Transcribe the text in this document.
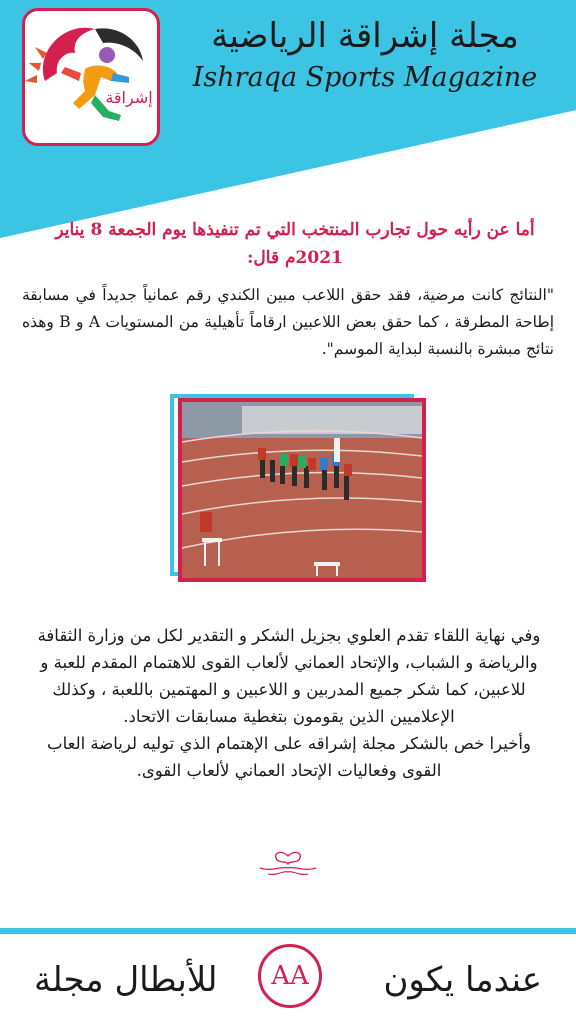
إشراقة
مجلة إشراقة الرياضية
Ishraqa Sports Magazine
أما عن رأيه حول تجارب المنتخب التي تم تنفيذها يوم الجمعة 8 يناير 2021م قال:
"النتائج كانت مرضية، فقد حقق اللاعب مبين الكندي رقم عمانياً جديداً في مسابقة إطاحة المطرقة ، كما حقق بعض اللاعبين ارقاماً تأهيلية من المستويات A و B وهذه نتائج مبشرة بالنسبة لبداية الموسم".
وفي نهاية اللقاء تقدم العلوي بجزيل الشكر و التقدير لكل من وزارة الثقافة والرياضة و الشباب، والإتحاد العماني لألعاب القوى للاهتمام المقدم للعبة و للاعبين، كما شكر جميع المدربين و اللاعبين و المهتمين باللعبة ، وكذلك الإعلاميين الذين يقومون بتغطية مسابقات الاتحاد.
وأخيرا خص بالشكر مجلة إشراقه على الإهتمام الذي توليه لرياضة العاب القوى وفعاليات الإتحاد العماني لألعاب القوى.
عندما يكون
AA
للأبطال مجلة
